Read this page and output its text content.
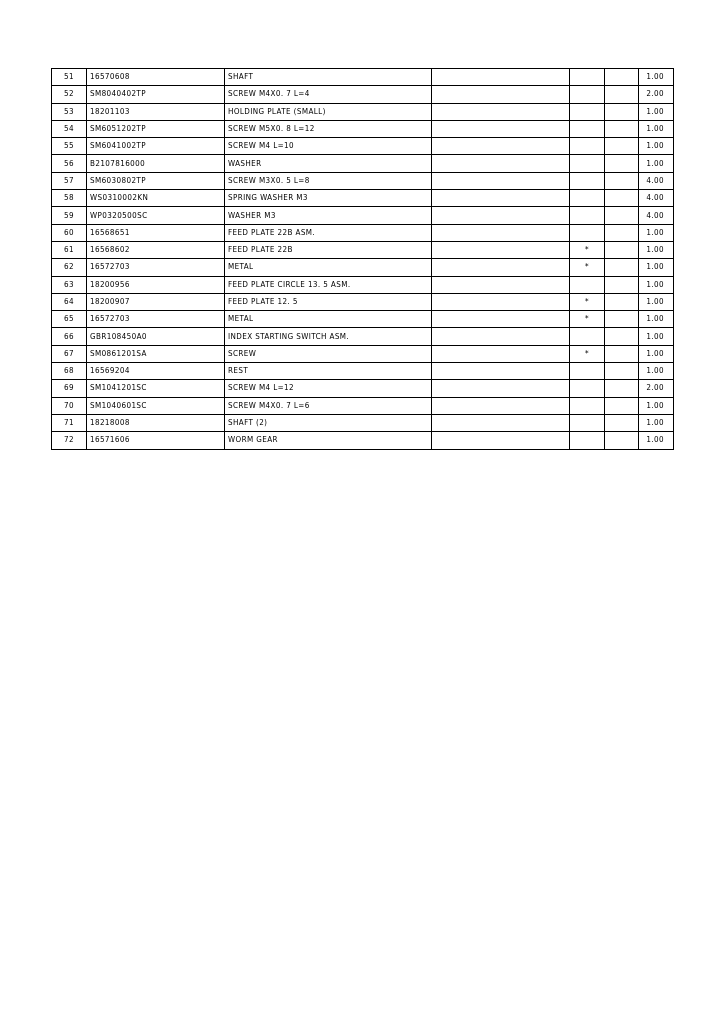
51	16570608	SHAFT				1.00
52	SM8040402TP	SCREW M4X0. 7 L=4				2.00
53	18201103	HOLDING PLATE (SMALL)				1.00
54	SM6051202TP	SCREW M5X0. 8 L=12				1.00
55	SM6041002TP	SCREW M4 L=10				1.00
56	B2107816000	WASHER				1.00
57	SM6030802TP	SCREW M3X0. 5 L=8				4.00
58	WS0310002KN	SPRING WASHER M3				4.00
59	WP0320500SC	WASHER M3				4.00
60	16568651	FEED PLATE 22B ASM.				1.00
61	16568602	FEED PLATE 22B		*		1.00
62	16572703	METAL		*		1.00
63	18200956	FEED PLATE CIRCLE 13. 5 ASM.				1.00
64	18200907	FEED PLATE 12. 5		*		1.00
65	16572703	METAL		*		1.00
66	GBR108450A0	INDEX STARTING SWITCH ASM.				1.00
67	SM0861201SA	SCREW		*		1.00
68	16569204	REST				1.00
69	SM1041201SC	SCREW M4 L=12				2.00
70	SM1040601SC	SCREW M4X0. 7 L=6				1.00
71	18218008	SHAFT (2)				1.00
72	16571606	WORM GEAR				1.00
